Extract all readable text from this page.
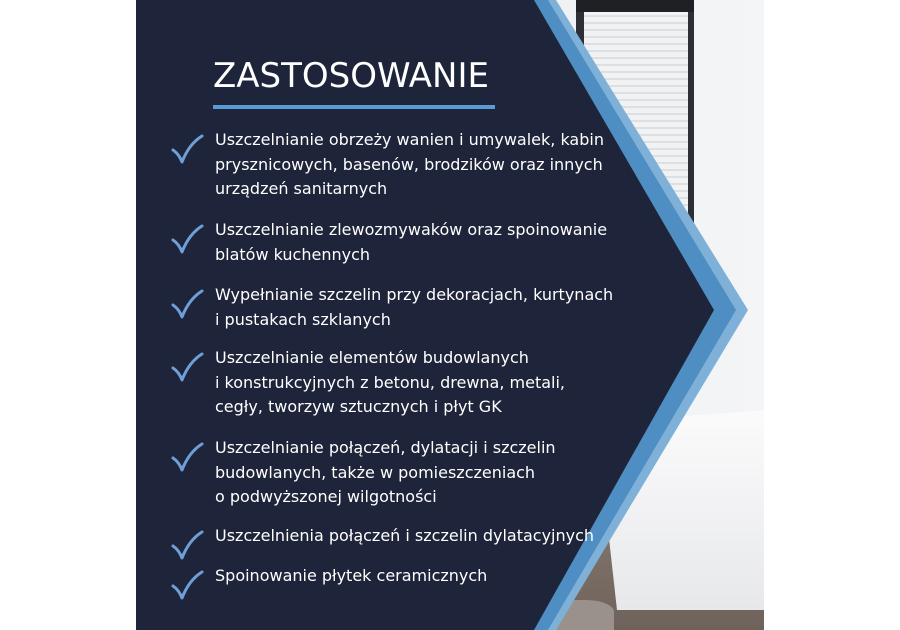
ZASTOSOWANIE
Uszczelnianie obrzeży wanien i umywalek, kabin
prysznicowych, basenów, brodzików oraz innych
urządzeń sanitarnych
Uszczelnianie zlewozmywaków oraz spoinowanie
blatów kuchennych
Wypełnianie szczelin przy dekoracjach, kurtynach
i pustakach szklanych
Uszczelnianie elementów budowlanych
i konstrukcyjnych z betonu, drewna, metali,
cegły, tworzyw sztucznych i płyt GK
Uszczelnianie połączeń, dylatacji i szczelin
budowlanych, także w pomieszczeniach
o podwyższonej wilgotności
Uszczelnienia połączeń i szczelin dylatacyjnych
Spoinowanie płytek ceramicznych
